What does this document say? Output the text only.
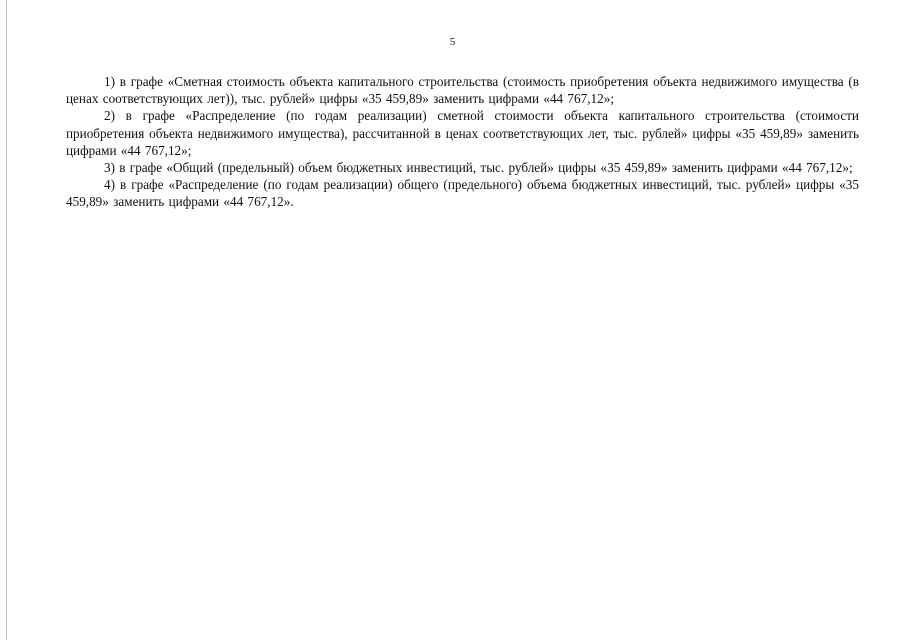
5

1) в графе «Сметная стоимость объекта капитального строительства (стоимость приобретения объекта недвижимого имущества (в ценах соответствующих лет)), тыс. рублей» цифры «35 459,89» заменить цифрами «44 767,12»;

2) в графе «Распределение (по годам реализации) сметной стоимости объекта капитального строительства (стоимости приобретения объекта недвижимого имущества), рассчитанной в ценах соответствующих лет, тыс. рублей» цифры «35 459,89» заменить цифрами «44 767,12»;

3) в графе «Общий (предельный) объем бюджетных инвестиций, тыс. рублей» цифры «35 459,89» заменить цифрами «44 767,12»;

4) в графе «Распределение (по годам реализации) общего (предельного) объема бюджетных инвестиций, тыс. рублей» цифры «35 459,89» заменить цифрами «44 767,12».
